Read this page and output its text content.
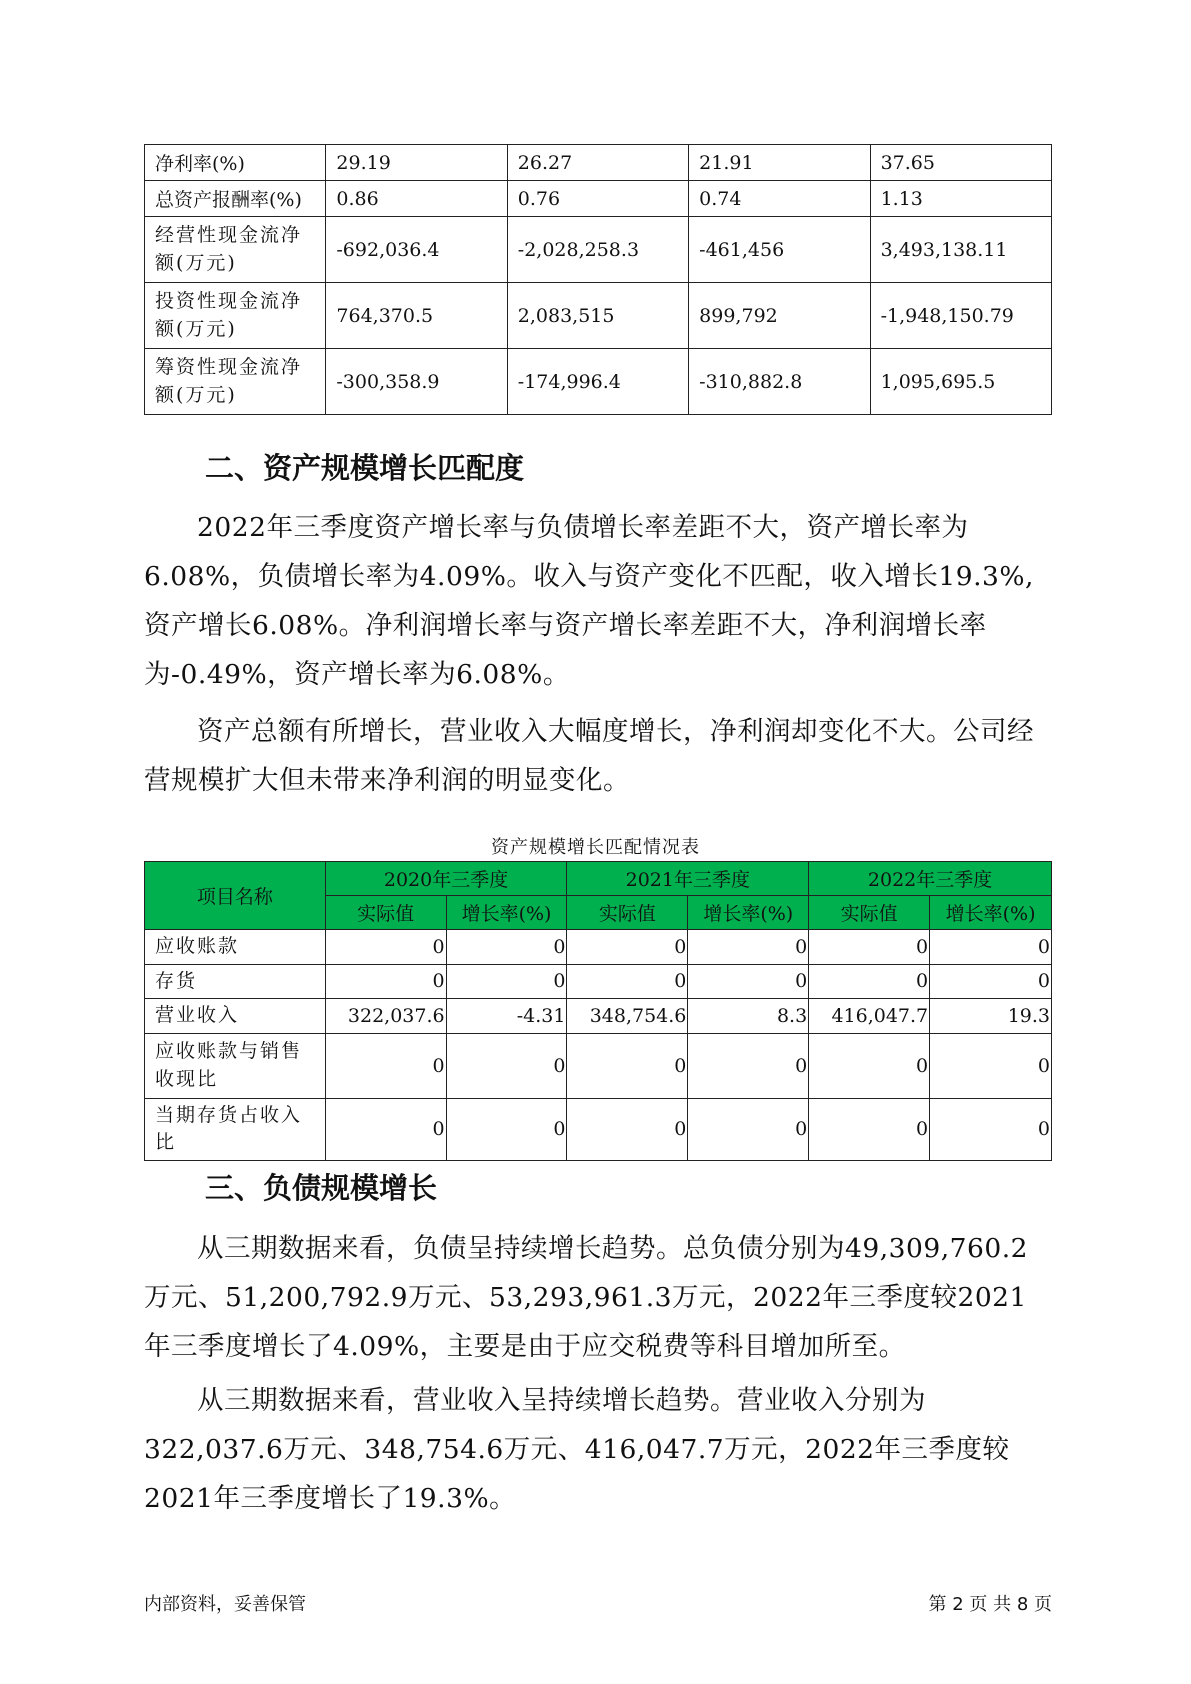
净利率(%)	29.19	26.27	21.91	37.65
总资产报酬率(%)	0.86	0.76	0.74	1.13
经营性现金流净额(万元)	-692,036.4	-2,028,258.3	-461,456	3,493,138.11
投资性现金流净额(万元)	764,370.5	2,083,515	899,792	-1,948,150.79
筹资性现金流净额(万元)	-300,358.9	-174,996.4	-310,882.8	1,095,695.5
二、资产规模增长匹配度

2022年三季度资产增长率与负债增长率差距不大，资产增长率为6.08%，负债增长率为4.09%。收入与资产变化不匹配，收入增长19.3%,资产增长6.08%。净利润增长率与资产增长率差距不大，净利润增长率为-0.49%，资产增长率为6.08%。

资产总额有所增长，营业收入大幅度增长，净利润却变化不大。公司经营规模扩大但未带来净利润的明显变化。

资产规模增长匹配情况表
项目名称	2020年三季度		2021年三季度		2022年三季度	
	实际值	增长率(%)	实际值	增长率(%)	实际值	增长率(%)
应收账款	0	0	0	0	0	0
存货	0	0	0	0	0	0
营业收入	322,037.6	-4.31	348,754.6	8.3	416,047.7	19.3
应收账款与销售收现比	0	0	0	0	0	0
当期存货占收入比	0	0	0	0	0	0
三、负债规模增长

从三期数据来看，负债呈持续增长趋势。总负债分别为49,309,760.2万元、51,200,792.9万元、53,293,961.3万元，2022年三季度较2021年三季度增长了4.09%，主要是由于应交税费等科目增加所至。

从三期数据来看，营业收入呈持续增长趋势。营业收入分别为322,037.6万元、348,754.6万元、416,047.7万元，2022年三季度较2021年三季度增长了19.3%。

内部资料，妥善保管	第 2 页 共 8 页
